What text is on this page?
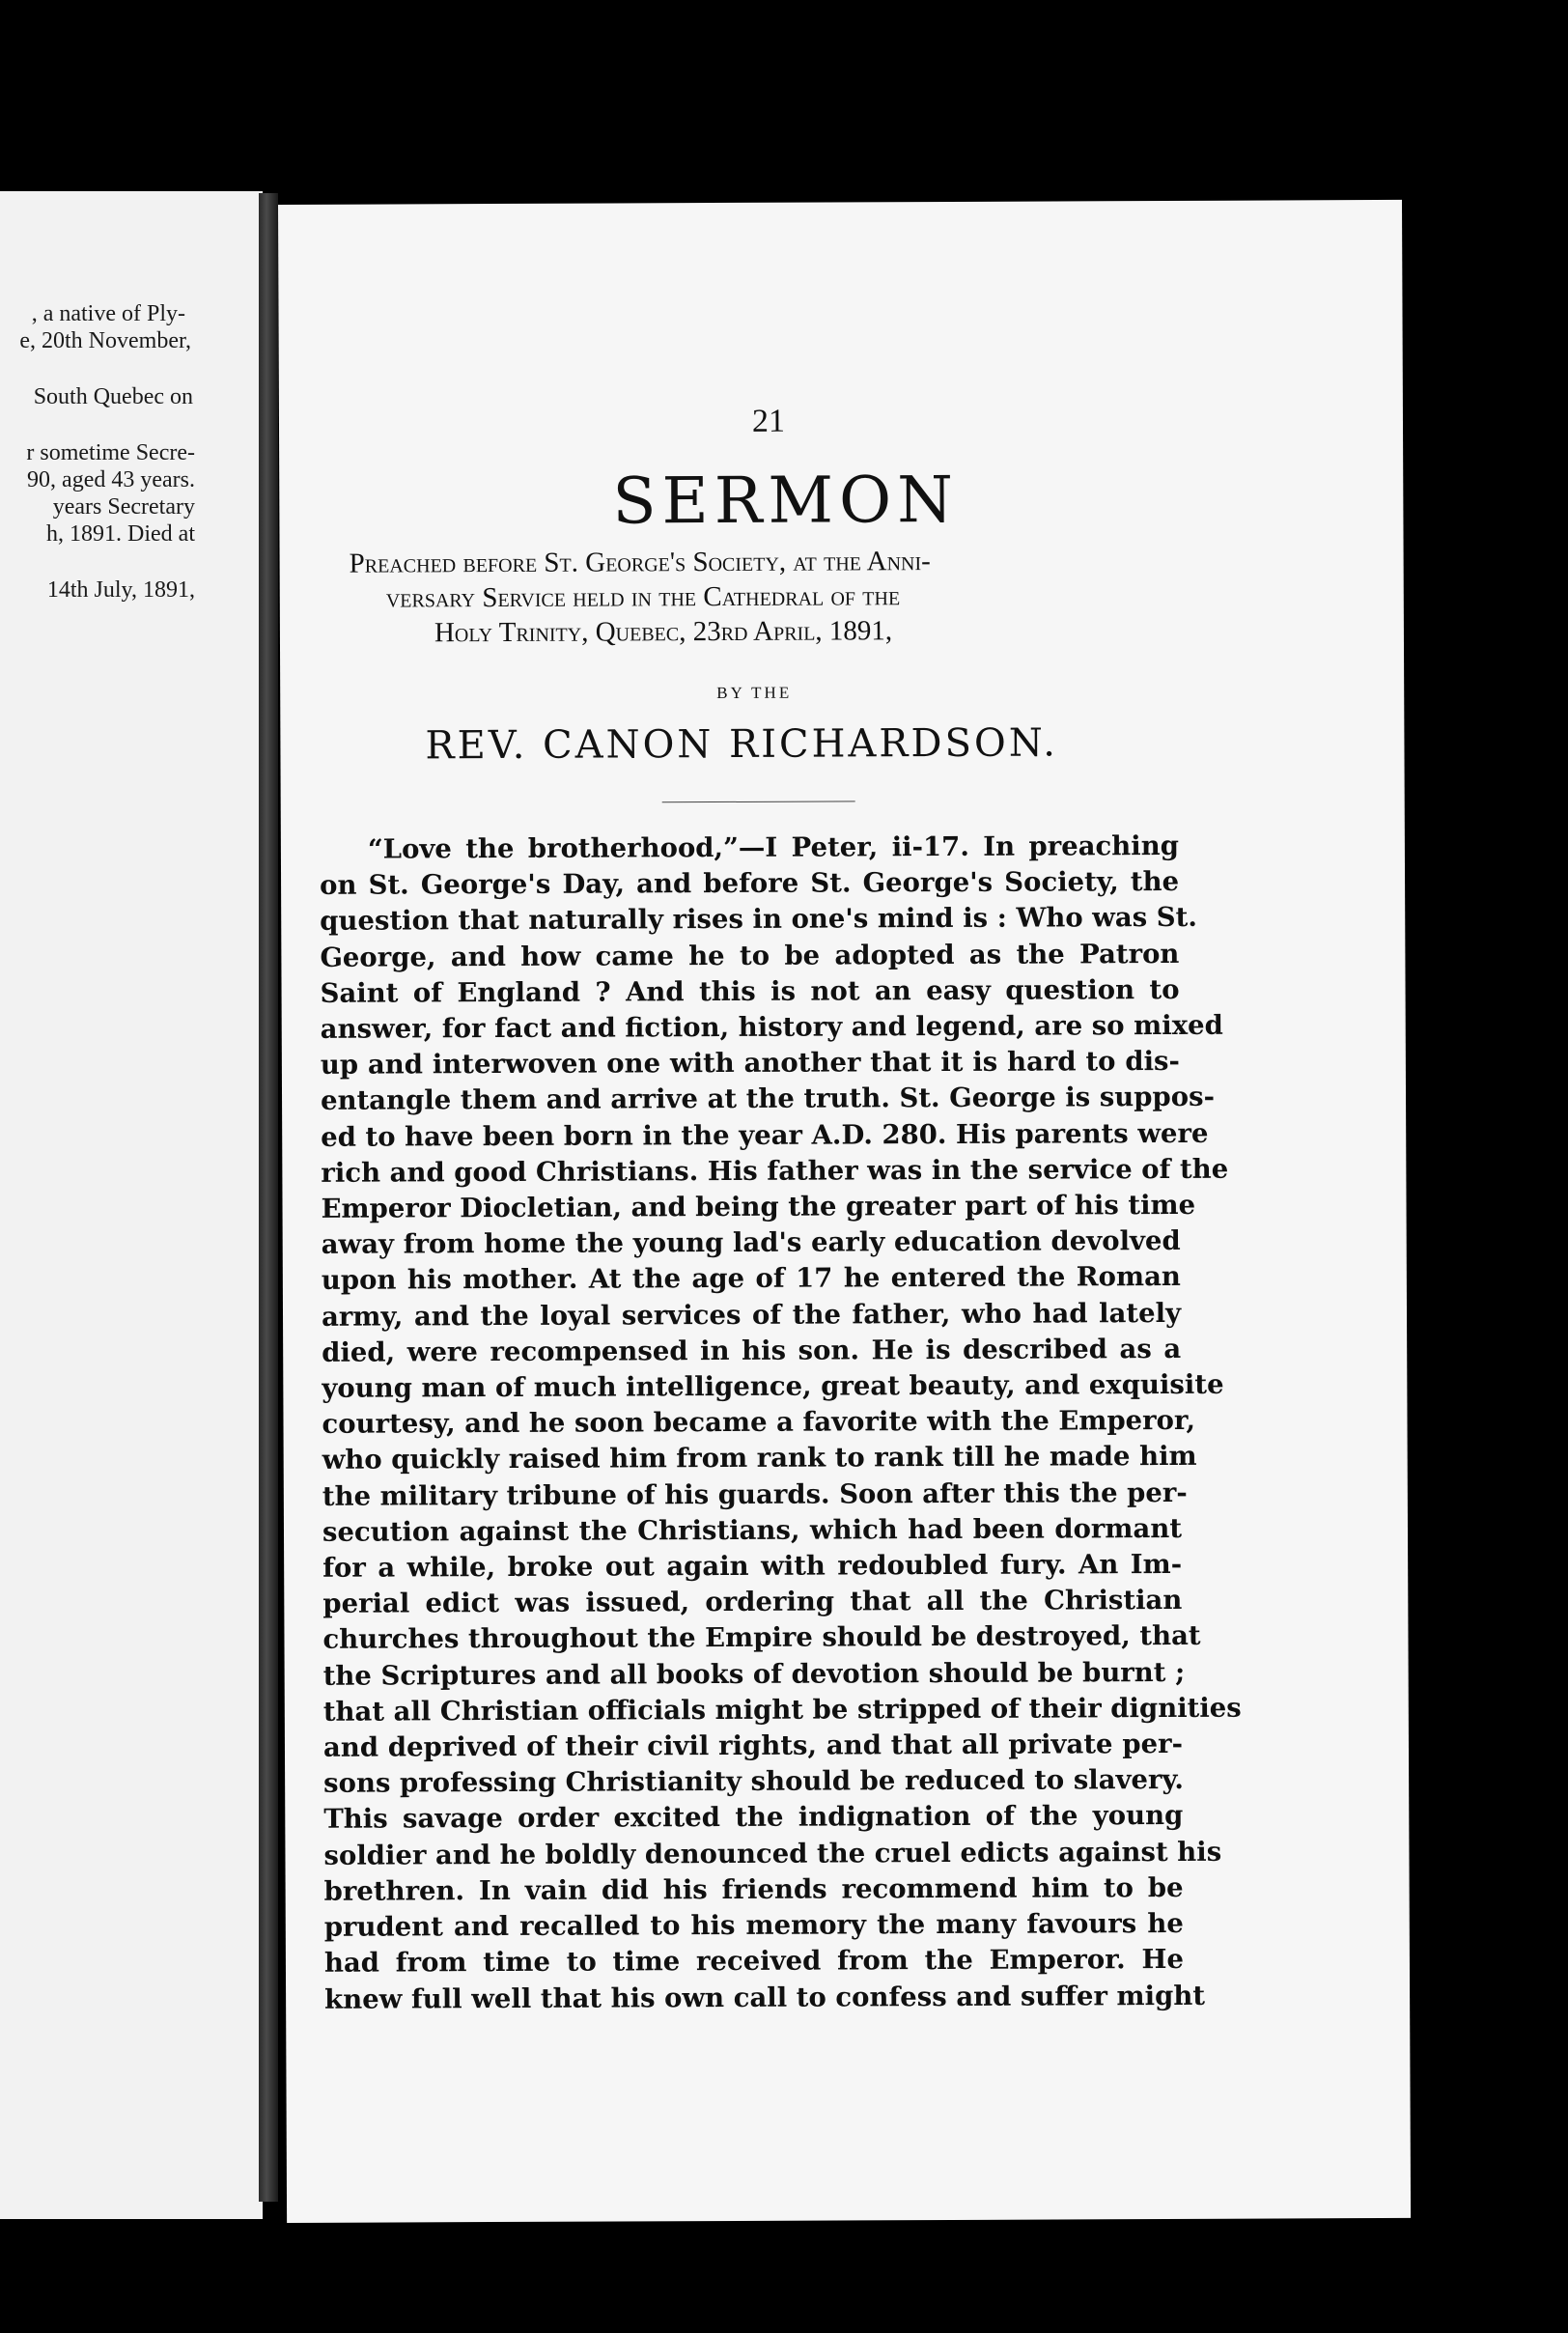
, a native of Ply-
e, 20th November,
South Quebec on
r sometime Secre-
90, aged 43 years.
years Secretary
h, 1891. Died at
14th July, 1891,
21
SERMON
Preached before St. George's Society, at the Anni-
versary Service held in the Cathedral of the
Holy Trinity, Quebec, 23rd April, 1891,
BY THE
REV. CANON RICHARDSON.
“Love the brotherhood,”—I Peter, ii-17. In preaching
on St. George's Day, and before St. George's Society, the
question that naturally rises in one's mind is : Who was St.
George, and how came he to be adopted as the Patron
Saint of England ? And this is not an easy question to
answer, for fact and fiction, history and legend, are so mixed
up and interwoven one with another that it is hard to dis-
entangle them and arrive at the truth. St. George is suppos-
ed to have been born in the year A.D. 280. His parents were
rich and good Christians. His father was in the service of the
Emperor Diocletian, and being the greater part of his time
away from home the young lad's early education devolved
upon his mother. At the age of 17 he entered the Roman
army, and the loyal services of the father, who had lately
died, were recompensed in his son. He is described as a
young man of much intelligence, great beauty, and exquisite
courtesy, and he soon became a favorite with the Emperor,
who quickly raised him from rank to rank till he made him
the military tribune of his guards. Soon after this the per-
secution against the Christians, which had been dormant
for a while, broke out again with redoubled fury. An Im-
perial edict was issued, ordering that all the Christian
churches throughout the Empire should be destroyed, that
the Scriptures and all books of devotion should be burnt ;
that all Christian officials might be stripped of their dignities
and deprived of their civil rights, and that all private per-
sons professing Christianity should be reduced to slavery.
This savage order excited the indignation of the young
soldier and he boldly denounced the cruel edicts against his
brethren. In vain did his friends recommend him to be
prudent and recalled to his memory the many favours he
had from time to time received from the Emperor. He
knew full well that his own call to confess and suffer might
